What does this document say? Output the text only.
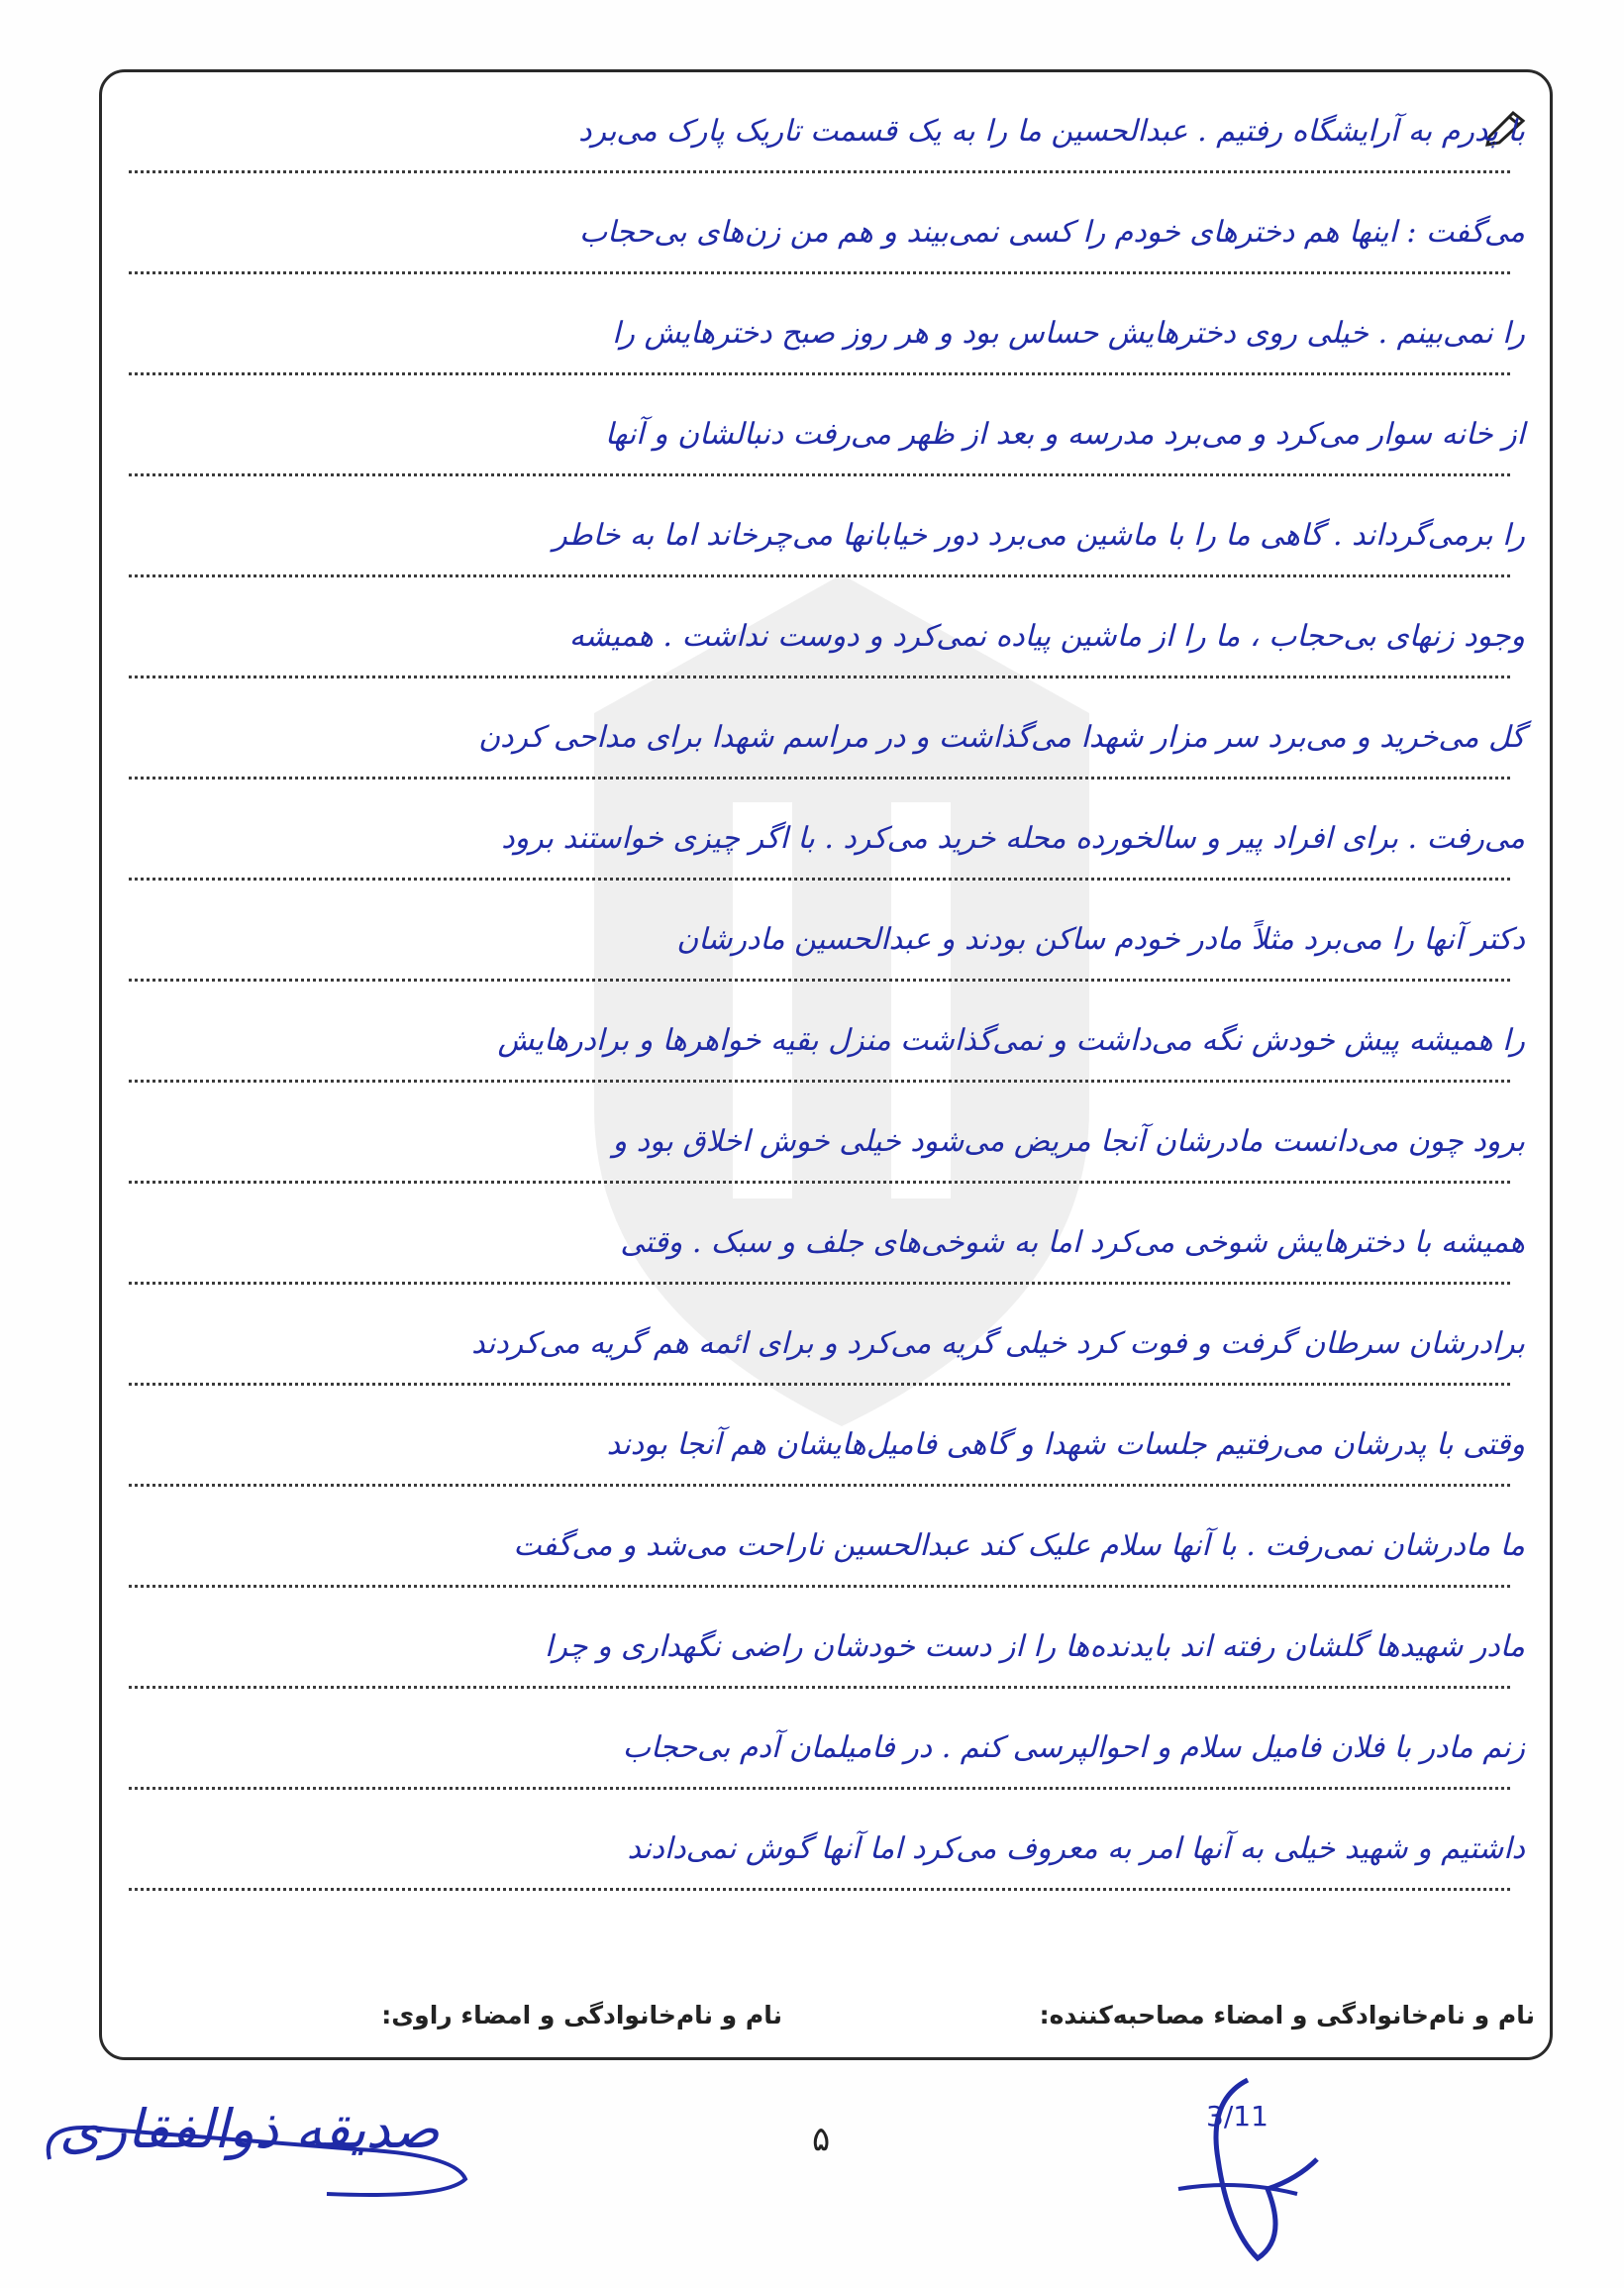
با پدرم به آرایشگاه رفتیم . عبدالحسین ما را به یک قسمت تاریک پارک می‌برد
می‌گفت : اینها هم دخترهای خودم را کسی نمی‌بیند و هم من زن‌های بی‌حجاب
را نمی‌بینم . خیلی روی دخترهایش حساس بود و هر روز صبح دخترهایش را
از خانه سوار می‌کرد و می‌برد مدرسه و بعد از ظهر می‌رفت دنبالشان و آنها
را برمی‌گرداند . گاهی ما را با ماشین می‌برد دور خیابانها می‌چرخاند اما به خاطر
وجود زنهای بی‌حجاب ، ما را از ماشین پیاده نمی‌کرد و دوست نداشت . همیشه
گل می‌خرید و می‌برد سر مزار شهدا می‌گذاشت و در مراسم شهدا برای مداحی کردن
می‌رفت . برای افراد پیر و سالخورده محله خرید می‌کرد . با اگر چیزی خواستند برود
دکتر آنها را می‌برد مثلاً مادر خودم ساکن بودند و عبدالحسین مادرشان
را همیشه پیش خودش نگه می‌داشت و نمی‌گذاشت منزل بقیه خواهرها و برادرهایش
برود چون می‌دانست مادرشان آنجا مریض می‌شود خیلی خوش اخلاق بود و
همیشه با دخترهایش شوخی می‌کرد اما به شوخی‌های جلف و سبک . وقتی
برادرشان سرطان گرفت و فوت کرد خیلی گریه می‌کرد و برای ائمه هم گریه می‌کردند
وقتی با پدرشان می‌رفتیم جلسات شهدا و گاهی فامیل‌هایشان هم آنجا بودند
ما مادرشان نمی‌رفت . با آنها سلام علیک کند عبدالحسین ناراحت می‌شد و می‌گفت
مادر شهیدها گلشان رفته اند بایدنده‌ها را از دست خودشان راضی نگهداری و چرا
زنم مادر با فلان فامیل سلام و احوالپرسی کنم . در فامیلمان آدم بی‌حجاب
داشتیم و شهید خیلی به آنها امر به معروف می‌کرد اما آنها گوش نمی‌دادند
نام و نام‌خانوادگی و امضاء مصاحبه‌کننده:
نام و نام‌خانوادگی و امضاء راوی:
۵
صدیقه ذوالفقاری	3/11
